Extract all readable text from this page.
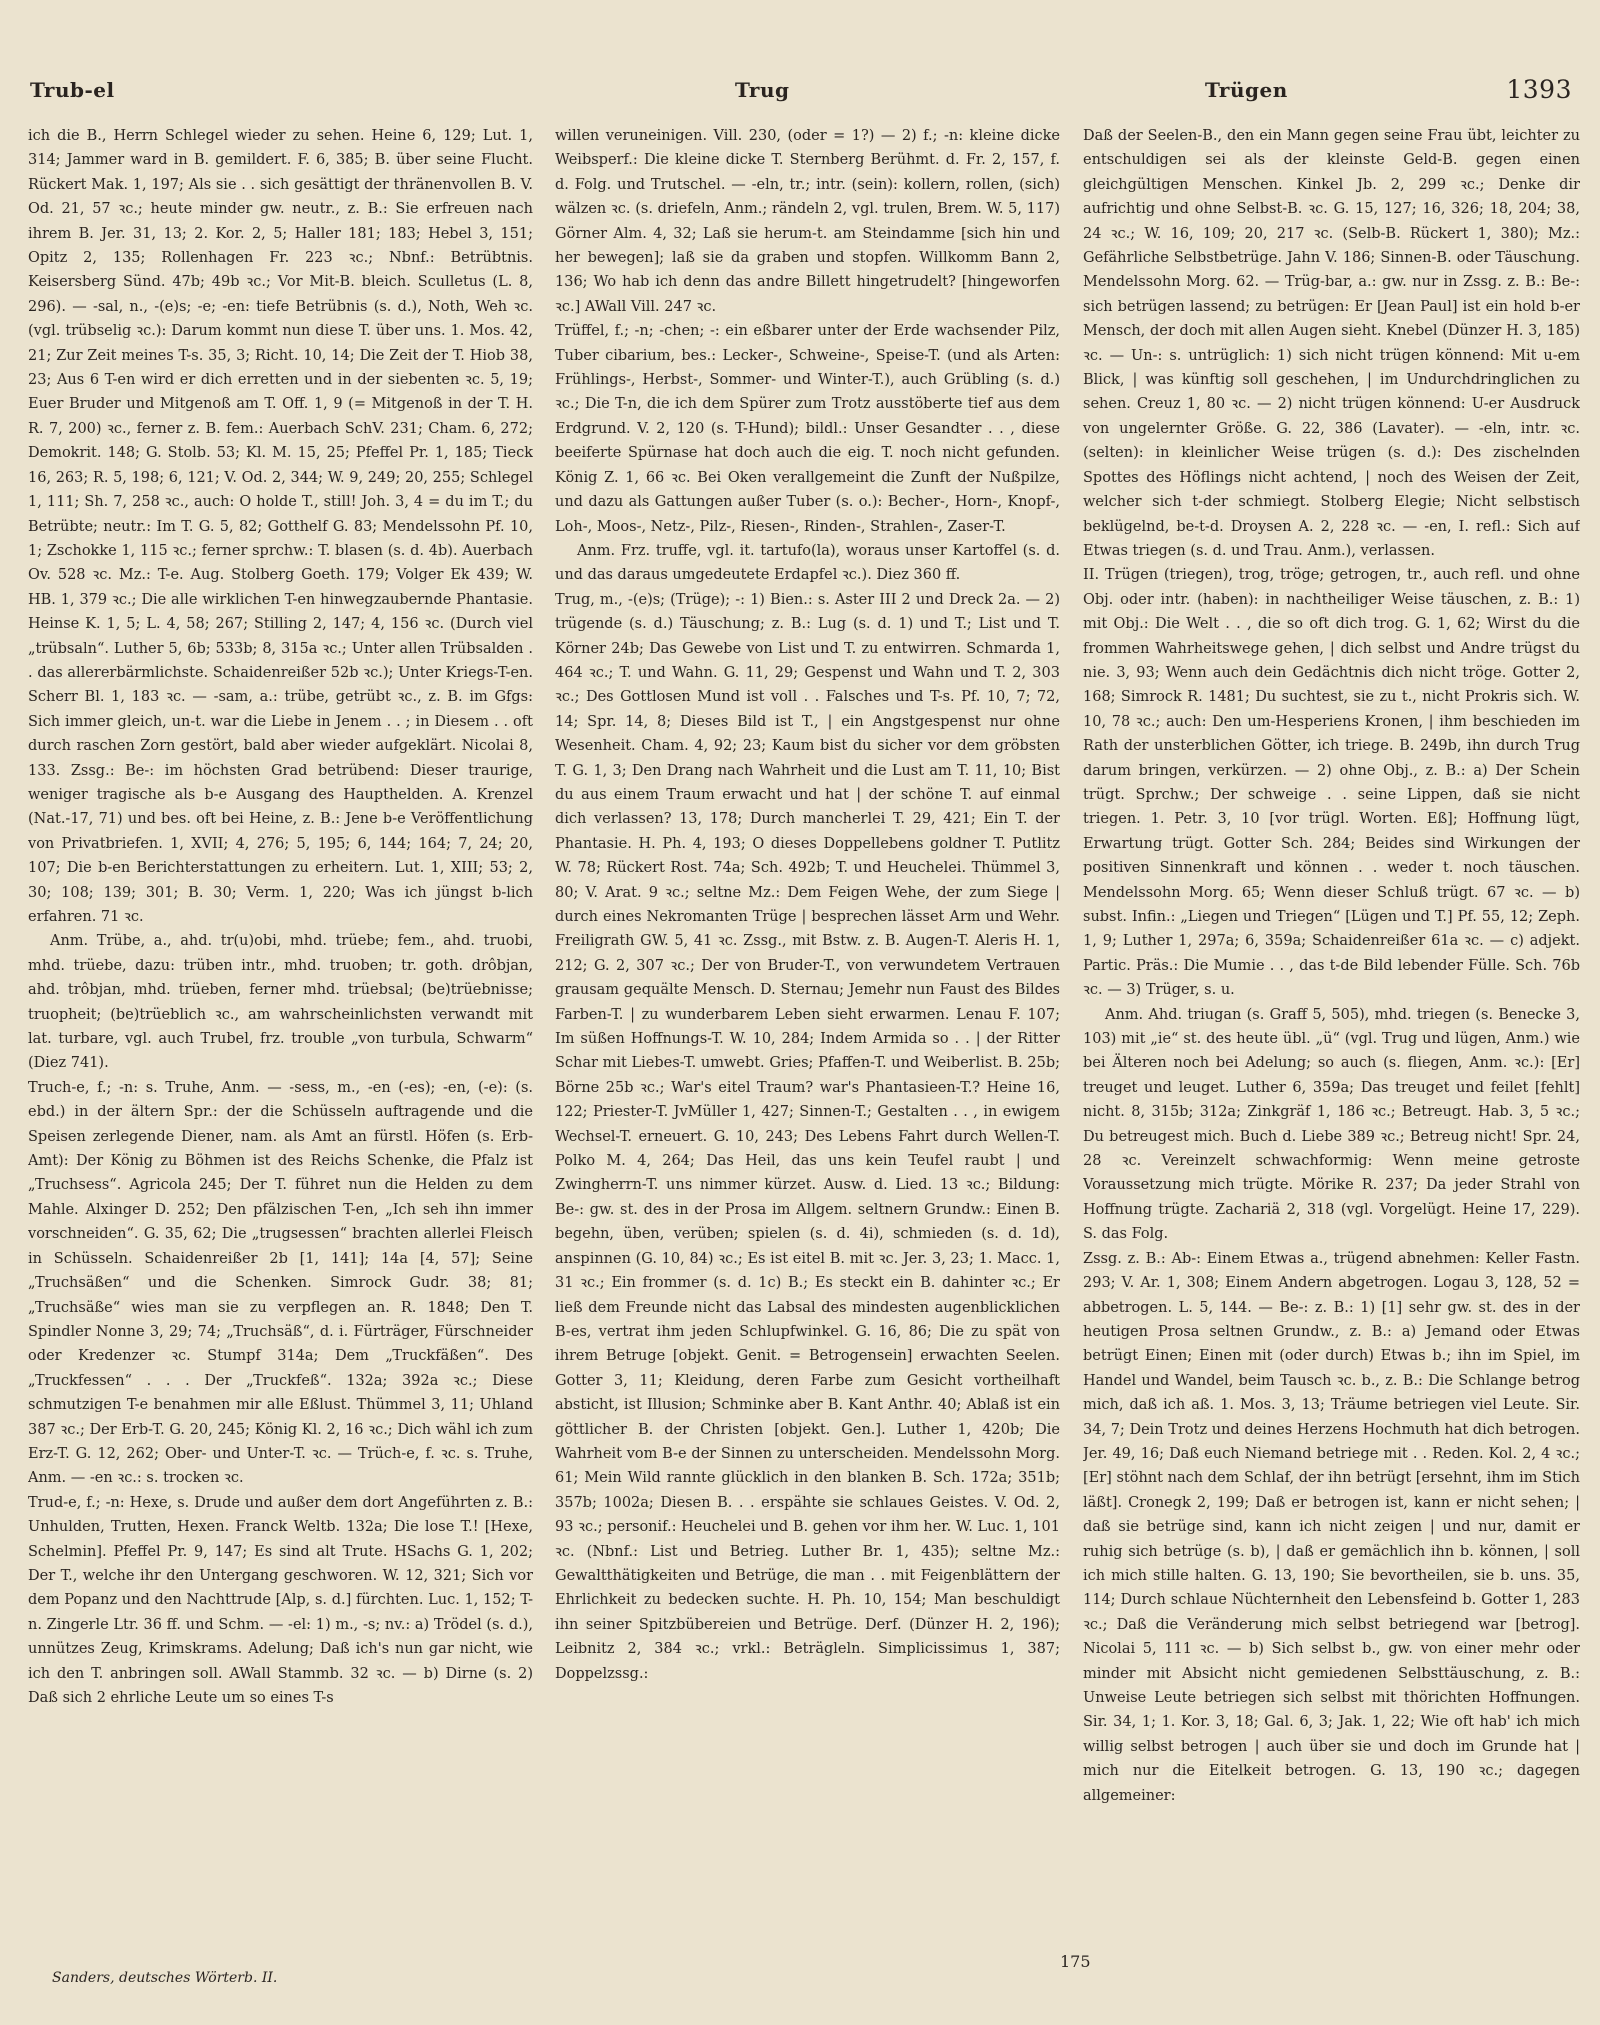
Trub-el	Trug	Trügen	1393

ich die B., Herrn Schlegel wieder zu sehen. Heine 6, 129; Lut. 1, 314; Jammer ward in B. gemildert. F. 6, 385; B. über seine Flucht. Rückert Mak. 1, 197; Als sie . . sich gesättigt der thränenvollen B. V. Od. 21, 57 ꝛc.; heute minder gw. neutr., z. B.: Sie erfreuen nach ihrem B. Jer. 31, 13; 2. Kor. 2, 5; Haller 181; 183; Hebel 3, 151; Opitz 2, 135; Rollenhagen Fr. 223 ꝛc.; Nbnf.: Betrübtnis. Keisersberg Sünd. 47b; 49b ꝛc.; Vor Mit-B. bleich. Sculletus (L. 8, 296). — -sal, n., -(e)s; -e; -en: tiefe Betrübnis (s. d.), Noth, Weh ꝛc. (vgl. trübselig ꝛc.): Darum kommt nun diese T. über uns. 1. Mos. 42, 21; Zur Zeit meines T-s. 35, 3; Richt. 10, 14; Die Zeit der T. Hiob 38, 23; Aus 6 T-en wird er dich erretten und in der siebenten ꝛc. 5, 19; Euer Bruder und Mitgenoß am T. Off. 1, 9 (= Mitgenoß in der T. H. R. 7, 200) ꝛc., ferner z. B. fem.: Auerbach SchV. 231; Cham. 6, 272; Demokrit. 148; G. Stolb. 53; Kl. M. 15, 25; Pfeffel Pr. 1, 185; Tieck 16, 263; R. 5, 198; 6, 121; V. Od. 2, 344; W. 9, 249; 20, 255; Schlegel 1, 111; Sh. 7, 258 ꝛc., auch: O holde T., still! Joh. 3, 4 = du im T.; du Betrübte; neutr.: Im T. G. 5, 82; Gotthelf G. 83; Mendelssohn Pf. 10, 1; Zschokke 1, 115 ꝛc.; ferner sprchw.: T. blasen (s. d. 4b). Auerbach Ov. 528 ꝛc. Mz.: T-e. Aug. Stolberg Goeth. 179; Volger Ek 439; W. HB. 1, 379 ꝛc.; Die alle wirklichen T-en hinwegzaubernde Phantasie. Heinse K. 1, 5; L. 4, 58; 267; Stilling 2, 147; 4, 156 ꝛc. (Durch viel „trübsaln“. Luther 5, 6b; 533b; 8, 315a ꝛc.; Unter allen Trübsalden . . das allererbärmlichste. Schaidenreißer 52b ꝛc.); Unter Kriegs-T-en. Scherr Bl. 1, 183 ꝛc. — -sam, a.: trübe, getrübt ꝛc., z. B. im Gfgs: Sich immer gleich, un-t. war die Liebe in Jenem . . ; in Diesem . . oft durch raschen Zorn gestört, bald aber wieder aufgeklärt. Nicolai 8, 133. Zssg.: Be-: im höchsten Grad betrübend: Dieser traurige, weniger tragische als b-e Ausgang des Haupthelden. A. Krenzel (Nat.-17, 71) und bes. oft bei Heine, z. B.: Jene b-e Veröffentlichung von Privatbriefen. 1, XVII; 4, 276; 5, 195; 6, 144; 164; 7, 24; 20, 107; Die b-en Berichterstattungen zu erheitern. Lut. 1, XIII; 53; 2, 30; 108; 139; 301; B. 30; Verm. 1, 220; Was ich jüngst b-lich erfahren. 71 ꝛc.

Anm. Trübe, a., ahd. tr(u)obi, mhd. trüebe; fem., ahd. truobi, mhd. trüebe, dazu: trüben intr., mhd. truoben; tr. goth. drôbjan, ahd. trôbjan, mhd. trüeben, ferner mhd. trüebsal; (be)trüebnisse; truopheit; (be)trüeblich ꝛc., am wahrscheinlichsten verwandt mit lat. turbare, vgl. auch Trubel, frz. trouble „von turbula, Schwarm“ (Diez 741).

Truch-e, f.; -n: s. Truhe, Anm. — -sess, m., -en (-es); -en, (-e): (s. ebd.) in der ältern Spr.: der die Schüsseln auftragende und die Speisen zerlegende Diener, nam. als Amt an fürstl. Höfen (s. Erb-Amt): Der König zu Böhmen ist des Reichs Schenke, die Pfalz ist „Truchsess“. Agricola 245; Der T. führet nun die Helden zu dem Mahle. Alxinger D. 252; Den pfälzischen T-en, „Ich seh ihn immer vorschneiden“. G. 35, 62; Die „trugsessen“ brachten allerlei Fleisch in Schüsseln. Schaidenreißer 2b [1, 141]; 14a [4, 57]; Seine „Truchsäßen“ und die Schenken. Simrock Gudr. 38; 81; „Truchsäße“ wies man sie zu verpflegen an. R. 1848; Den T. Spindler Nonne 3, 29; 74; „Truchsäß“, d. i. Fürträger, Fürschneider oder Kredenzer ꝛc. Stumpf 314a; Dem „Truckfäßen“. Des „Truckfessen“ . . . Der „Truckfeß“. 132a; 392a ꝛc.; Diese schmutzigen T-e benahmen mir alle Eßlust. Thümmel 3, 11; Uhland 387 ꝛc.; Der Erb-T. G. 20, 245; König Kl. 2, 16 ꝛc.; Dich wähl ich zum Erz-T. G. 12, 262; Ober- und Unter-T. ꝛc. — Trüch-e, f. ꝛc. s. Truhe, Anm. — -en ꝛc.: s. trocken ꝛc.

Trud-e, f.; -n: Hexe, s. Drude und außer dem dort Angeführten z. B.: Unhulden, Trutten, Hexen. Franck Weltb. 132a; Die lose T.! [Hexe, Schelmin]. Pfeffel Pr. 9, 147; Es sind alt Trute. HSachs G. 1, 202; Der T., welche ihr den Untergang geschworen. W. 12, 321; Sich vor dem Popanz und den Nachttrude [Alp, s. d.] fürchten. Luc. 1, 152; T-n. Zingerle Ltr. 36 ff. und Schm. — -el: 1) m., -s; nv.: a) Trödel (s. d.), unnützes Zeug, Krimskrams. Adelung; Daß ich's nun gar nicht, wie ich den T. anbringen soll. AWall Stammb. 32 ꝛc. — b) Dirne (s. 2) Daß sich 2 ehrliche Leute um so eines T-s

willen veruneinigen. Vill. 230, (oder = 1?) — 2) f.; -n: kleine dicke Weibsperf.: Die kleine dicke T. Sternberg Berühmt. d. Fr. 2, 157, f. d. Folg. und Trutschel. — -eln, tr.; intr. (sein): kollern, rollen, (sich) wälzen ꝛc. (s. driefeln, Anm.; rändeln 2, vgl. trulen, Brem. W. 5, 117) Görner Alm. 4, 32; Laß sie herum-t. am Steindamme [sich hin und her bewegen]; laß sie da graben und stopfen. Willkomm Bann 2, 136; Wo hab ich denn das andre Billett hingetrudelt? [hingeworfen ꝛc.] AWall Vill. 247 ꝛc.

Trüffel, f.; -n; -chen; -: ein eßbarer unter der Erde wachsender Pilz, Tuber cibarium, bes.: Lecker-, Schweine-, Speise-T. (und als Arten: Frühlings-, Herbst-, Sommer- und Winter-T.), auch Grübling (s. d.) ꝛc.; Die T-n, die ich dem Spürer zum Trotz ausstöberte tief aus dem Erdgrund. V. 2, 120 (s. T-Hund); bildl.: Unser Gesandter . . , diese beeiferte Spürnase hat doch auch die eig. T. noch nicht gefunden. König Z. 1, 66 ꝛc. Bei Oken verallgemeint die Zunft der Nußpilze, und dazu als Gattungen außer Tuber (s. o.): Becher-, Horn-, Knopf-, Loh-, Moos-, Netz-, Pilz-, Riesen-, Rinden-, Strahlen-, Zaser-T.

Anm. Frz. truffe, vgl. it. tartufo(la), woraus unser Kartoffel (s. d. und das daraus umgedeutete Erdapfel ꝛc.). Diez 360 ff.

Trug, m., -(e)s; (Trüge); -: 1) Bien.: s. Aster III 2 und Dreck 2a. — 2) trügende (s. d.) Täuschung; z. B.: Lug (s. d. 1) und T.; List und T. Körner 24b; Das Gewebe von List und T. zu entwirren. Schmarda 1, 464 ꝛc.; T. und Wahn. G. 11, 29; Gespenst und Wahn und T. 2, 303 ꝛc.; Des Gottlosen Mund ist voll . . Falsches und T-s. Pf. 10, 7; 72, 14; Spr. 14, 8; Dieses Bild ist T., | ein Angstgespenst nur ohne Wesenheit. Cham. 4, 92; 23; Kaum bist du sicher vor dem gröbsten T. G. 1, 3; Den Drang nach Wahrheit und die Lust am T. 11, 10; Bist du aus einem Traum erwacht und hat | der schöne T. auf einmal dich verlassen? 13, 178; Durch mancherlei T. 29, 421; Ein T. der Phantasie. H. Ph. 4, 193; O dieses Doppellebens goldner T. Putlitz W. 78; Rückert Rost. 74a; Sch. 492b; T. und Heuchelei. Thümmel 3, 80; V. Arat. 9 ꝛc.; seltne Mz.: Dem Feigen Wehe, der zum Siege | durch eines Nekromanten Trüge | besprechen lässet Arm und Wehr. Freiligrath GW. 5, 41 ꝛc. Zssg., mit Bstw. z. B. Augen-T. Aleris H. 1, 212; G. 2, 307 ꝛc.; Der von Bruder-T., von verwundetem Vertrauen grausam gequälte Mensch. D. Sternau; Jemehr nun Faust des Bildes Farben-T. | zu wunderbarem Leben sieht erwarmen. Lenau F. 107; Im süßen Hoffnungs-T. W. 10, 284; Indem Armida so . . | der Ritter Schar mit Liebes-T. umwebt. Gries; Pfaffen-T. und Weiberlist. B. 25b; Börne 25b ꝛc.; War's eitel Traum? war's Phantasieen-T.? Heine 16, 122; Priester-T. JvMüller 1, 427; Sinnen-T.; Gestalten . . , in ewigem Wechsel-T. erneuert. G. 10, 243; Des Lebens Fahrt durch Wellen-T. Polko M. 4, 264; Das Heil, das uns kein Teufel raubt | und Zwingherrn-T. uns nimmer kürzet. Ausw. d. Lied. 13 ꝛc.; Bildung: Be-: gw. st. des in der Prosa im Allgem. seltnern Grundw.: Einen B. begehn, üben, verüben; spielen (s. d. 4i), schmieden (s. d. 1d), anspinnen (G. 10, 84) ꝛc.; Es ist eitel B. mit ꝛc. Jer. 3, 23; 1. Macc. 1, 31 ꝛc.; Ein frommer (s. d. 1c) B.; Es steckt ein B. dahinter ꝛc.; Er ließ dem Freunde nicht das Labsal des mindesten augenblicklichen B-es, vertrat ihm jeden Schlupfwinkel. G. 16, 86; Die zu spät von ihrem Betruge [objekt. Genit. = Betrogensein] erwachten Seelen. Gotter 3, 11; Kleidung, deren Farbe zum Gesicht vortheilhaft absticht, ist Illusion; Schminke aber B. Kant Anthr. 40; Ablaß ist ein göttlicher B. der Christen [objekt. Gen.]. Luther 1, 420b; Die Wahrheit vom B-e der Sinnen zu unterscheiden. Mendelssohn Morg. 61; Mein Wild rannte glücklich in den blanken B. Sch. 172a; 351b; 357b; 1002a; Diesen B. . . erspähte sie schlaues Geistes. V. Od. 2, 93 ꝛc.; personif.: Heuchelei und B. gehen vor ihm her. W. Luc. 1, 101 ꝛc. (Nbnf.: List und Betrieg. Luther Br. 1, 435); seltne Mz.: Gewaltthätigkeiten und Betrüge, die man . . mit Feigenblättern der Ehrlichkeit zu bedecken suchte. H. Ph. 10, 154; Man beschuldigt ihn seiner Spitzbübereien und Betrüge. Derf. (Dünzer H. 2, 196); Leibnitz 2, 384 ꝛc.; vrkl.: Beträgleln. Simplicissimus 1, 387; Doppelzssg.:

Daß der Seelen-B., den ein Mann gegen seine Frau übt, leichter zu entschuldigen sei als der kleinste Geld-B. gegen einen gleichgültigen Menschen. Kinkel Jb. 2, 299 ꝛc.; Denke dir aufrichtig und ohne Selbst-B. ꝛc. G. 15, 127; 16, 326; 18, 204; 38, 24 ꝛc.; W. 16, 109; 20, 217 ꝛc. (Selb-B. Rückert 1, 380); Mz.: Gefährliche Selbstbetrüge. Jahn V. 186; Sinnen-B. oder Täuschung. Mendelssohn Morg. 62. — Trüg-bar, a.: gw. nur in Zssg. z. B.: Be-: sich betrügen lassend; zu betrügen: Er [Jean Paul] ist ein hold b-er Mensch, der doch mit allen Augen sieht. Knebel (Dünzer H. 3, 185) ꝛc. — Un-: s. untrüglich: 1) sich nicht trügen könnend: Mit u-em Blick, | was künftig soll geschehen, | im Undurchdringlichen zu sehen. Creuz 1, 80 ꝛc. — 2) nicht trügen könnend: U-er Ausdruck von ungelernter Größe. G. 22, 386 (Lavater). — -eln, intr. ꝛc. (selten): in kleinlicher Weise trügen (s. d.): Des zischelnden Spottes des Höflings nicht achtend, | noch des Weisen der Zeit, welcher sich t-der schmiegt. Stolberg Elegie; Nicht selbstisch beklügelnd, be-t-d. Droysen A. 2, 228 ꝛc. — -en, I. refl.: Sich auf Etwas triegen (s. d. und Trau. Anm.), verlassen.

II. Trügen (triegen), trog, tröge; getrogen, tr., auch refl. und ohne Obj. oder intr. (haben): in nachtheiliger Weise täuschen, z. B.: 1) mit Obj.: Die Welt . . , die so oft dich trog. G. 1, 62; Wirst du die frommen Wahrheitswege gehen, | dich selbst und Andre trügst du nie. 3, 93; Wenn auch dein Gedächtnis dich nicht tröge. Gotter 2, 168; Simrock R. 1481; Du suchtest, sie zu t., nicht Prokris sich. W. 10, 78 ꝛc.; auch: Den um-Hesperiens Kronen, | ihm beschieden im Rath der unsterblichen Götter, ich triege. B. 249b, ihn durch Trug darum bringen, verkürzen. — 2) ohne Obj., z. B.: a) Der Schein trügt. Sprchw.; Der schweige . . seine Lippen, daß sie nicht triegen. 1. Petr. 3, 10 [vor trügl. Worten. Eß]; Hoffnung lügt, Erwartung trügt. Gotter Sch. 284; Beides sind Wirkungen der positiven Sinnenkraft und können . . weder t. noch täuschen. Mendelssohn Morg. 65; Wenn dieser Schluß trügt. 67 ꝛc. — b) subst. Infin.: „Liegen und Triegen“ [Lügen und T.] Pf. 55, 12; Zeph. 1, 9; Luther 1, 297a; 6, 359a; Schaidenreißer 61a ꝛc. — c) adjekt. Partic. Präs.: Die Mumie . . , das t-de Bild lebender Fülle. Sch. 76b ꝛc. — 3) Trüger, s. u.

Anm. Ahd. triugan (s. Graff 5, 505), mhd. triegen (s. Benecke 3, 103) mit „ie“ st. des heute übl. „ü“ (vgl. Trug und lügen, Anm.) wie bei Älteren noch bei Adelung; so auch (s. fliegen, Anm. ꝛc.): [Er] treuget und leuget. Luther 6, 359a; Das treuget und feilet [fehlt] nicht. 8, 315b; 312a; Zinkgräf 1, 186 ꝛc.; Betreugt. Hab. 3, 5 ꝛc.; Du betreugest mich. Buch d. Liebe 389 ꝛc.; Betreug nicht! Spr. 24, 28 ꝛc. Vereinzelt schwachformig: Wenn meine getroste Voraussetzung mich trügte. Mörike R. 237; Da jeder Strahl von Hoffnung trügte. Zachariä 2, 318 (vgl. Vorgelügt. Heine 17, 229). S. das Folg.

Zssg. z. B.: Ab-: Einem Etwas a., trügend abnehmen: Keller Fastn. 293; V. Ar. 1, 308; Einem Andern abgetrogen. Logau 3, 128, 52 = abbetrogen. L. 5, 144. — Be-: z. B.: 1) [1] sehr gw. st. des in der heutigen Prosa seltnen Grundw., z. B.: a) Jemand oder Etwas betrügt Einen; Einen mit (oder durch) Etwas b.; ihn im Spiel, im Handel und Wandel, beim Tausch ꝛc. b., z. B.: Die Schlange betrog mich, daß ich aß. 1. Mos. 3, 13; Träume betriegen viel Leute. Sir. 34, 7; Dein Trotz und deines Herzens Hochmuth hat dich betrogen. Jer. 49, 16; Daß euch Niemand betriege mit . . Reden. Kol. 2, 4 ꝛc.; [Er] stöhnt nach dem Schlaf, der ihn betrügt [ersehnt, ihm im Stich läßt]. Cronegk 2, 199; Daß er betrogen ist, kann er nicht sehen; | daß sie betrüge sind, kann ich nicht zeigen | und nur, damit er ruhig sich betrüge (s. b), | daß er gemächlich ihn b. können, | soll ich mich stille halten. G. 13, 190; Sie bevortheilen, sie b. uns. 35, 114; Durch schlaue Nüchternheit den Lebensfeind b. Gotter 1, 283 ꝛc.; Daß die Veränderung mich selbst betriegend war [betrog]. Nicolai 5, 111 ꝛc. — b) Sich selbst b., gw. von einer mehr oder minder mit Absicht nicht gemiedenen Selbsttäuschung, z. B.: Unweise Leute betriegen sich selbst mit thörichten Hoffnungen. Sir. 34, 1; 1. Kor. 3, 18; Gal. 6, 3; Jak. 1, 22; Wie oft hab' ich mich willig selbst betrogen | auch über sie und doch im Grunde hat | mich nur die Eitelkeit betrogen. G. 13, 190 ꝛc.; dagegen allgemeiner:

Sanders, deutsches Wörterb. II.
175
